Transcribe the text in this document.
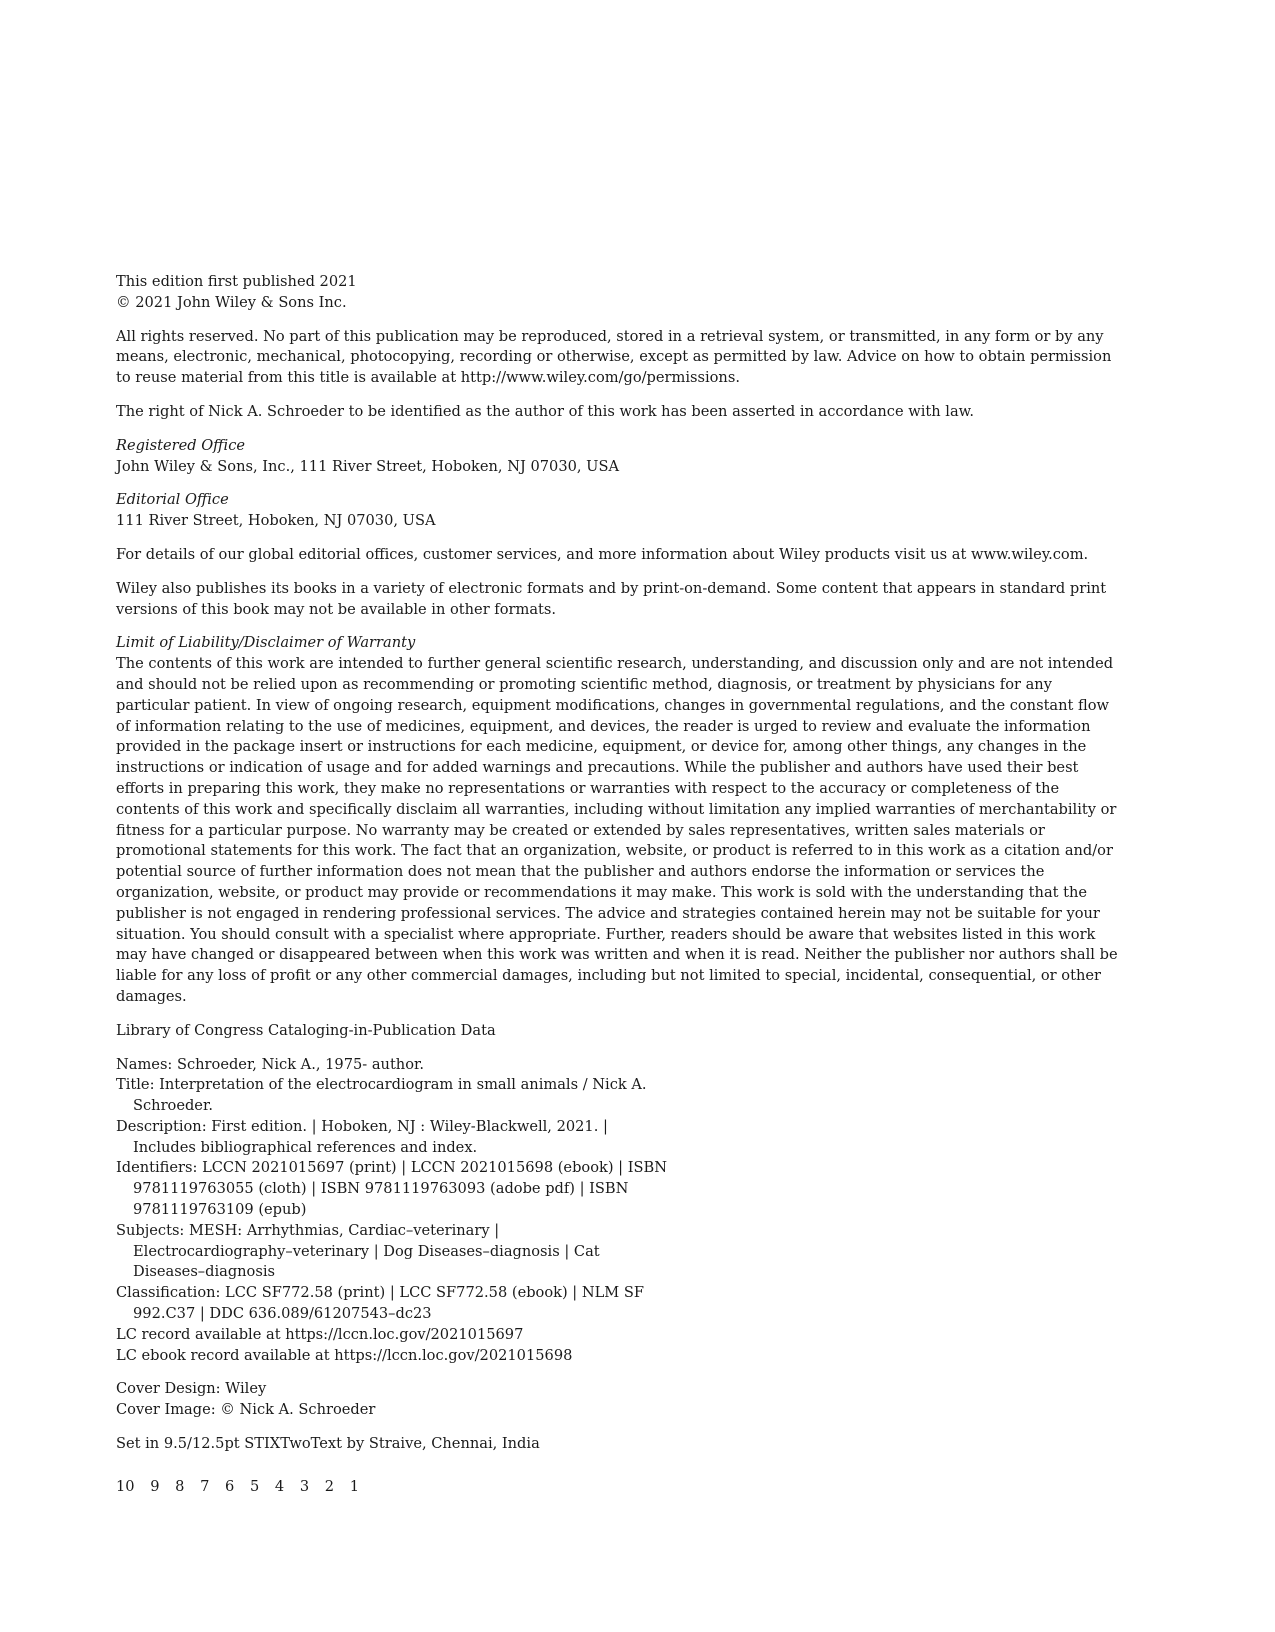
This edition first published 2021
© 2021 John Wiley & Sons Inc.
All rights reserved. No part of this publication may be reproduced, stored in a retrieval system, or transmitted, in any form or by any means, electronic, mechanical, photocopying, recording or otherwise, except as permitted by law. Advice on how to obtain permission to reuse material from this title is available at http://www.wiley.com/go/permissions.
The right of Nick A. Schroeder to be identified as the author of this work has been asserted in accordance with law.
Registered Office
John Wiley & Sons, Inc., 111 River Street, Hoboken, NJ 07030, USA
Editorial Office
111 River Street, Hoboken, NJ 07030, USA
For details of our global editorial offices, customer services, and more information about Wiley products visit us at www.wiley.com.
Wiley also publishes its books in a variety of electronic formats and by print-on-demand. Some content that appears in standard print versions of this book may not be available in other formats.
Limit of Liability/Disclaimer of Warranty
The contents of this work are intended to further general scientific research, understanding, and discussion only and are not intended and should not be relied upon as recommending or promoting scientific method, diagnosis, or treatment by physicians for any particular patient. In view of ongoing research, equipment modifications, changes in governmental regulations, and the constant flow of information relating to the use of medicines, equipment, and devices, the reader is urged to review and evaluate the information provided in the package insert or instructions for each medicine, equipment, or device for, among other things, any changes in the instructions or indication of usage and for added warnings and precautions. While the publisher and authors have used their best efforts in preparing this work, they make no representations or warranties with respect to the accuracy or completeness of the contents of this work and specifically disclaim all warranties, including without limitation any implied warranties of merchantability or fitness for a particular purpose. No warranty may be created or extended by sales representatives, written sales materials or promotional statements for this work. The fact that an organization, website, or product is referred to in this work as a citation and/or potential source of further information does not mean that the publisher and authors endorse the information or services the organization, website, or product may provide or recommendations it may make. This work is sold with the understanding that the publisher is not engaged in rendering professional services. The advice and strategies contained herein may not be suitable for your situation. You should consult with a specialist where appropriate. Further, readers should be aware that websites listed in this work may have changed or disappeared between when this work was written and when it is read. Neither the publisher nor authors shall be liable for any loss of profit or any other commercial damages, including but not limited to special, incidental, consequential, or other damages.
Library of Congress Cataloging-in-Publication Data
Names: Schroeder, Nick A., 1975- author.
Title: Interpretation of the electrocardiogram in small animals / Nick A.
Schroeder.
Description: First edition. | Hoboken, NJ : Wiley-Blackwell, 2021. |
Includes bibliographical references and index.
Identifiers: LCCN 2021015697 (print) | LCCN 2021015698 (ebook) | ISBN
9781119763055 (cloth) | ISBN 9781119763093 (adobe pdf) | ISBN
9781119763109 (epub)
Subjects: MESH: Arrhythmias, Cardiac–veterinary |
Electrocardiography–veterinary | Dog Diseases–diagnosis | Cat
Diseases–diagnosis
Classification: LCC SF772.58 (print) | LCC SF772.58 (ebook) | NLM SF
992.C37 | DDC 636.089/61207543–dc23
LC record available at https://lccn.loc.gov/2021015697
LC ebook record available at https://lccn.loc.gov/2021015698
Cover Design: Wiley
Cover Image: © Nick A. Schroeder
Set in 9.5/12.5pt STIXTwoText by Straive, Chennai, India
10 9 8 7 6 5 4 3 2 1
